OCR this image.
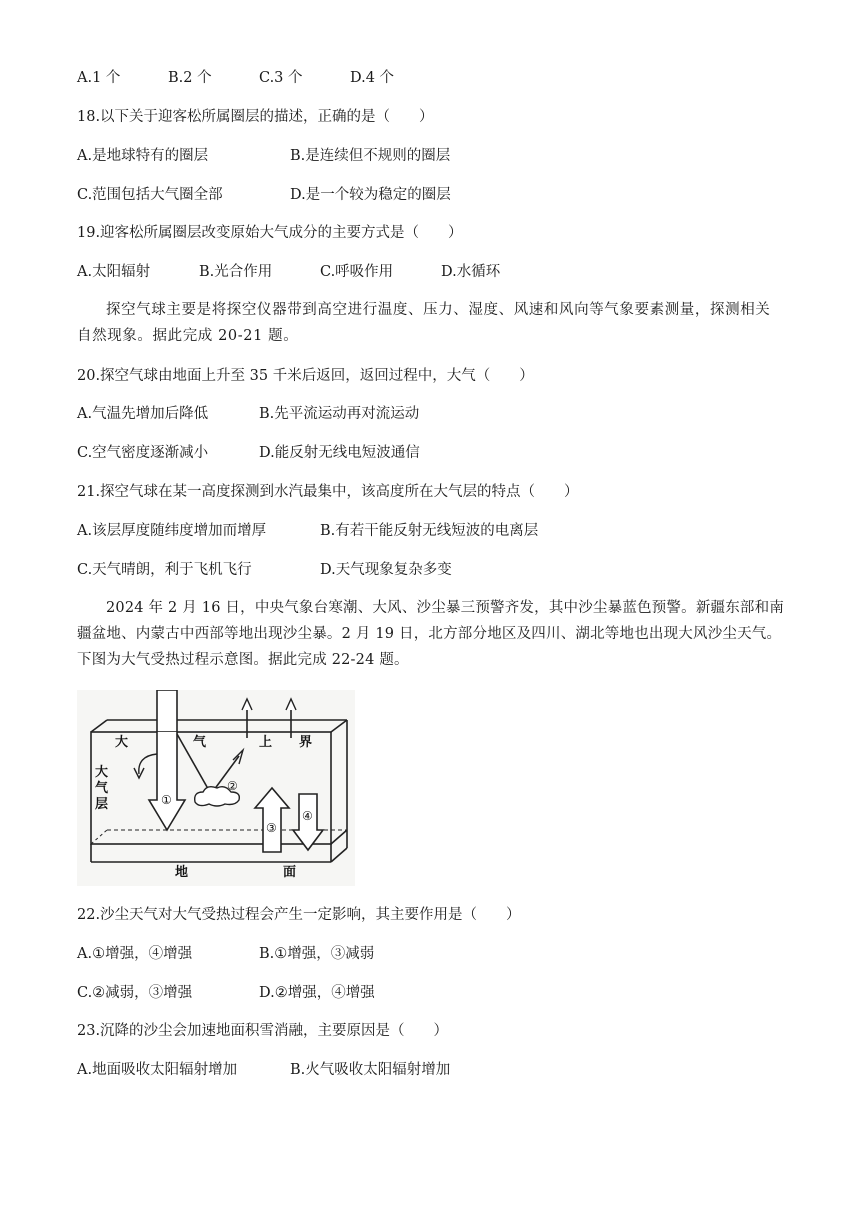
A.1 个	B.2 个	C.3 个	D.4 个
18.以下关于迎客松所属圈层的描述，正确的是（　　）
A.是地球特有的圈层	B.是连续但不规则的圈层
C.范围包括大气圈全部	D.是一个较为稳定的圈层
19.迎客松所属圈层改变原始大气成分的主要方式是（　　）
A.太阳辐射	B.光合作用	C.呼吸作用	D.水循环
探空气球主要是将探空仪器带到高空进行温度、压力、湿度、风速和风向等气象要素测量，探测相关
自然现象。据此完成 20-21 题。
20.探空气球由地面上升至 35 千米后返回，返回过程中，大气（　　）
A.气温先增加后降低	B.先平流运动再对流运动
C.空气密度逐渐减小	D.能反射无线电短波通信
21.探空气球在某一高度探测到水汽最集中，该高度所在大气层的特点（　　）
A.该层厚度随纬度增加而增厚	B.有若干能反射无线短波的电离层
C.天气晴朗，利于飞机飞行	D.天气现象复杂多变
2024 年 2 月 16 日，中央气象台寒潮、大风、沙尘暴三预警齐发，其中沙尘暴蓝色预警。新疆东部和南
疆盆地、内蒙古中西部等地出现沙尘暴。2 月 19 日，北方部分地区及四川、湖北等地也出现大风沙尘天气。
下图为大气受热过程示意图。据此完成 22-24 题。
大	气	上 界
大
气
层
地	面
①
②
③
④
22.沙尘天气对大气受热过程会产生一定影响，其主要作用是（　　）
A.①增强，④增强	B.①增强，③减弱
C.②减弱，③增强	D.②增强，④增强
23.沉降的沙尘会加速地面积雪消融，主要原因是（　　）
A.地面吸收太阳辐射增加	B.火气吸收太阳辐射增加
